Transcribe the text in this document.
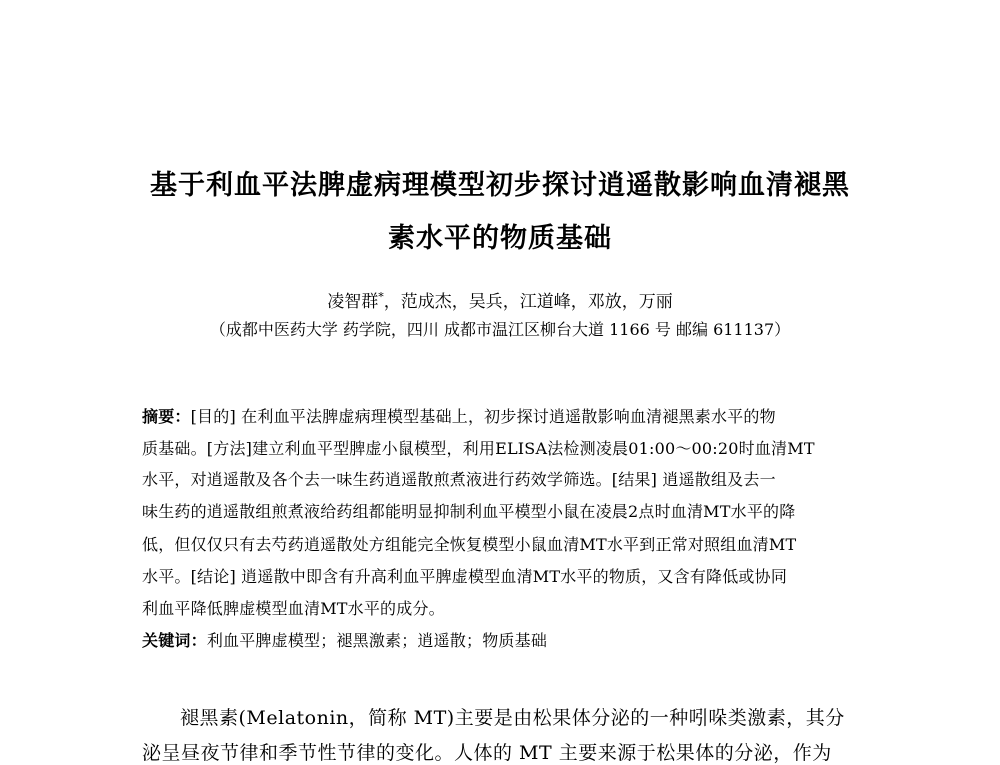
基于利血平法脾虚病理模型初步探讨逍遥散影响血清褪黑
素水平的物质基础
凌智群*，范成杰，吴兵，江道峰，邓放，万丽
（成都中医药大学 药学院，四川 成都市温江区柳台大道 1166 号 邮编 611137）
摘要：[目的] 在利血平法脾虚病理模型基础上，初步探讨逍遥散影响血清褪黑素水平的物
质基础。[方法]建立利血平型脾虚小鼠模型，利用ELISA法检测凌晨01:00～00:20时血清MT
水平，对逍遥散及各个去一味生药逍遥散煎煮液进行药效学筛选。[结果] 逍遥散组及去一
味生药的逍遥散组煎煮液给药组都能明显抑制利血平模型小鼠在凌晨2点时血清MT水平的降
低，但仅仅只有去芍药逍遥散处方组能完全恢复模型小鼠血清MT水平到正常对照组血清MT
水平。[结论] 逍遥散中即含有升高利血平脾虚模型血清MT水平的物质，又含有降低或协同
利血平降低脾虚模型血清MT水平的成分。
关键词：利血平脾虚模型；褪黑激素；逍遥散；物质基础
褪黑素(Melatonin，简称 MT)主要是由松果体分泌的一种吲哚类激素，其分
泌呈昼夜节律和季节性节律的变化。人体的 MT 主要来源于松果体的分泌，作为
